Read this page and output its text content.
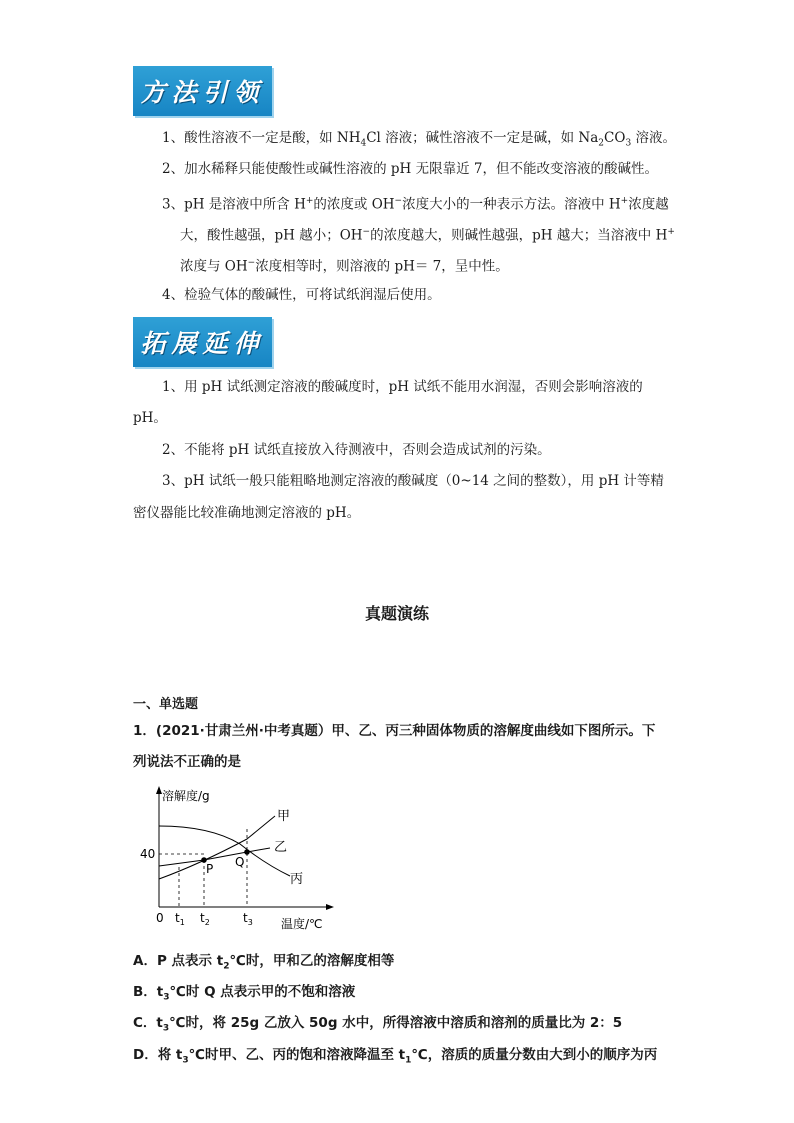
方法引领
1、酸性溶液不一定是酸，如 $NH_4Cl$ 溶液；碱性溶液不一定是碱，如 $Na_2CO_3$ 溶液。
2、加水稀释只能使酸性或碱性溶液的 pH 无限靠近 7，但不能改变溶液的酸碱性。
3、pH 是溶液中所含 H+的浓度或 OH−浓度大小的一种表示方法。溶液中 H+浓度越
大，酸性越强，pH 越小；OH−的浓度越大，则碱性越强，pH 越大；当溶液中 H+
浓度与 OH−浓度相等时，则溶液的 pH＝ 7，呈中性。
4、检验气体的酸碱性，可将试纸润湿后使用。
拓展延伸
1、用 pH 试纸测定溶液的酸碱度时，pH 试纸不能用水润湿，否则会影响溶液的
pH。
2、不能将 pH 试纸直接放入待测液中，否则会造成试剂的污染。
3、pH 试纸一般只能粗略地测定溶液的酸碱度（0~14 之间的整数），用 pH 计等精
密仪器能比较准确地测定溶液的 pH。
真题演练
一、单选题
1．(2021·甘肃兰州·中考真题）甲、乙、丙三种固体物质的溶解度曲线如下图所示。下
列说法不正确的是
溶解度/g
40
0 $t_1$ $t_2$	$t_3$ 温度/℃
甲
乙
丙
P Q
A．P 点表示 $t_2℃$时，甲和乙的溶解度相等
B．$t_3℃$时 Q 点表示甲的不饱和溶液
C．$t_3℃$时，将 25g 乙放入 50g 水中，所得溶液中溶质和溶剂的质量比为 2：5
D．将 $t_3℃$时甲、乙、丙的饱和溶液降温至 $t_1℃$，溶质的质量分数由大到小的顺序为丙
